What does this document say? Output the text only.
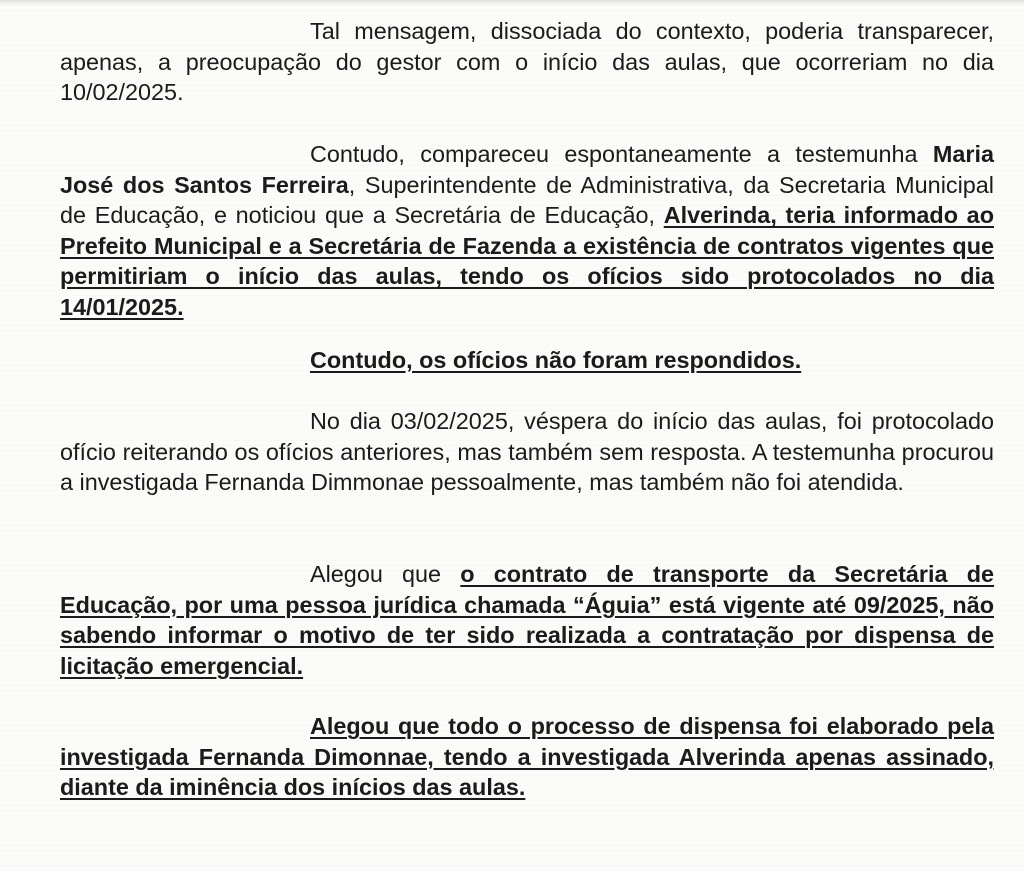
Tal mensagem, dissociada do contexto, poderia transparecer, apenas, a preocupação do gestor com o início das aulas, que ocorreriam no dia 10/02/2025.

Contudo, compareceu espontaneamente a testemunha Maria José dos Santos Ferreira, Superintendente de Administrativa, da Secretaria Municipal de Educação, e noticiou que a Secretária de Educação, Alverinda, teria informado ao Prefeito Municipal e a Secretária de Fazenda a existência de contratos vigentes que permitiriam o início das aulas, tendo os ofícios sido protocolados no dia 14/01/2025.

Contudo, os ofícios não foram respondidos.

No dia 03/02/2025, véspera do início das aulas, foi protocolado ofício reiterando os ofícios anteriores, mas também sem resposta. A testemunha procurou a investigada Fernanda Dimmonae pessoalmente, mas também não foi atendida.

Alegou que o contrato de transporte da Secretária de Educação, por uma pessoa jurídica chamada “Águia” está vigente até 09/2025, não sabendo informar o motivo de ter sido realizada a contratação por dispensa de licitação emergencial.

Alegou que todo o processo de dispensa foi elaborado pela investigada Fernanda Dimonnae, tendo a investigada Alverinda apenas assinado, diante da iminência dos inícios das aulas.
